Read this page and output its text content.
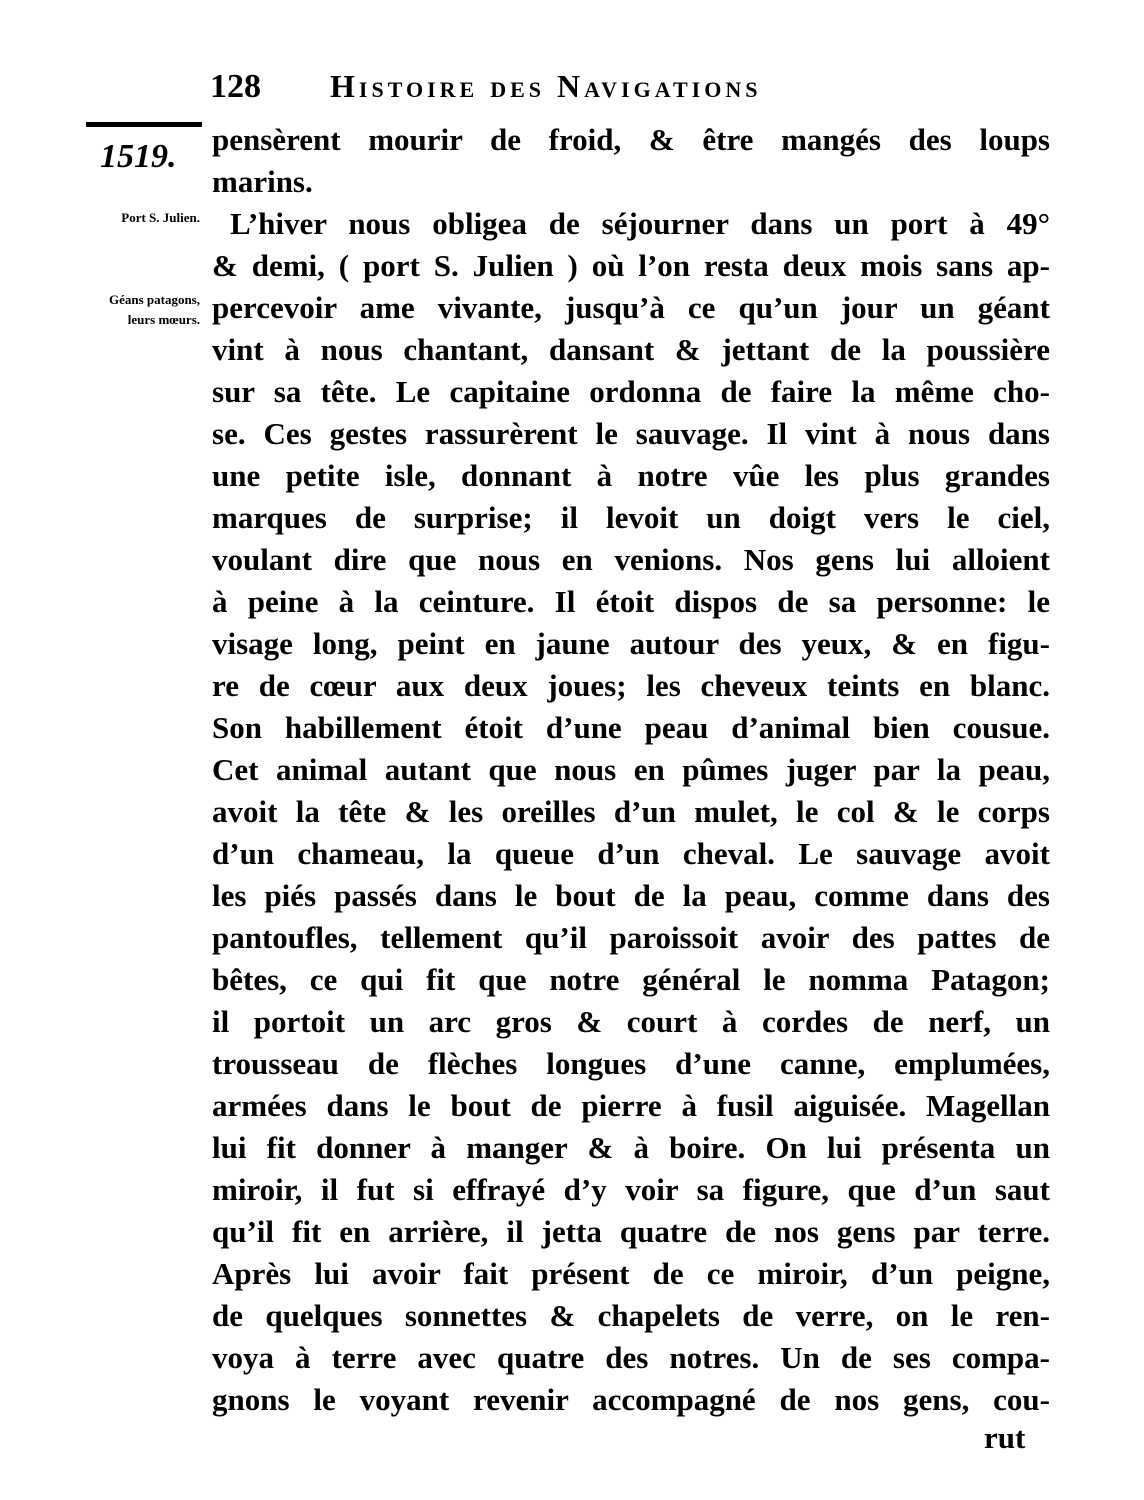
128 Histoire des Navigations
1519.
Port S. Julien.
Géans patagons, leurs mœurs.
pensèrent mourir de froid, & être mangés des loups
marins.
L’hiver nous obligea de séjourner dans un port à 49°
& demi, ( port S. Julien ) où l’on resta deux mois sans ap-
percevoir ame vivante, jusqu’à ce qu’un jour un géant
vint à nous chantant, dansant & jettant de la poussière
sur sa tête. Le capitaine ordonna de faire la même cho-
se. Ces gestes rassurèrent le sauvage. Il vint à nous dans
une petite isle, donnant à notre vûe les plus grandes
marques de surprise; il levoit un doigt vers le ciel,
voulant dire que nous en venions. Nos gens lui alloient
à peine à la ceinture. Il étoit dispos de sa personne: le
visage long, peint en jaune autour des yeux, & en figu-
re de cœur aux deux joues; les cheveux teints en blanc.
Son habillement étoit d’une peau d’animal bien cousue.
Cet animal autant que nous en pûmes juger par la peau,
avoit la tête & les oreilles d’un mulet, le col & le corps
d’un chameau, la queue d’un cheval. Le sauvage avoit
les piés passés dans le bout de la peau, comme dans des
pantoufles, tellement qu’il paroissoit avoir des pattes de
bêtes, ce qui fit que notre général le nomma Patagon;
il portoit un arc gros & court à cordes de nerf, un
trousseau de flèches longues d’une canne, emplumées,
armées dans le bout de pierre à fusil aiguisée. Magellan
lui fit donner à manger & à boire. On lui présenta un
miroir, il fut si effrayé d’y voir sa figure, que d’un saut
qu’il fit en arrière, il jetta quatre de nos gens par terre.
Après lui avoir fait présent de ce miroir, d’un peigne,
de quelques sonnettes & chapelets de verre, on le ren-
voya à terre avec quatre des notres. Un de ses compa-
gnons le voyant revenir accompagné de nos gens, cou-
rut
